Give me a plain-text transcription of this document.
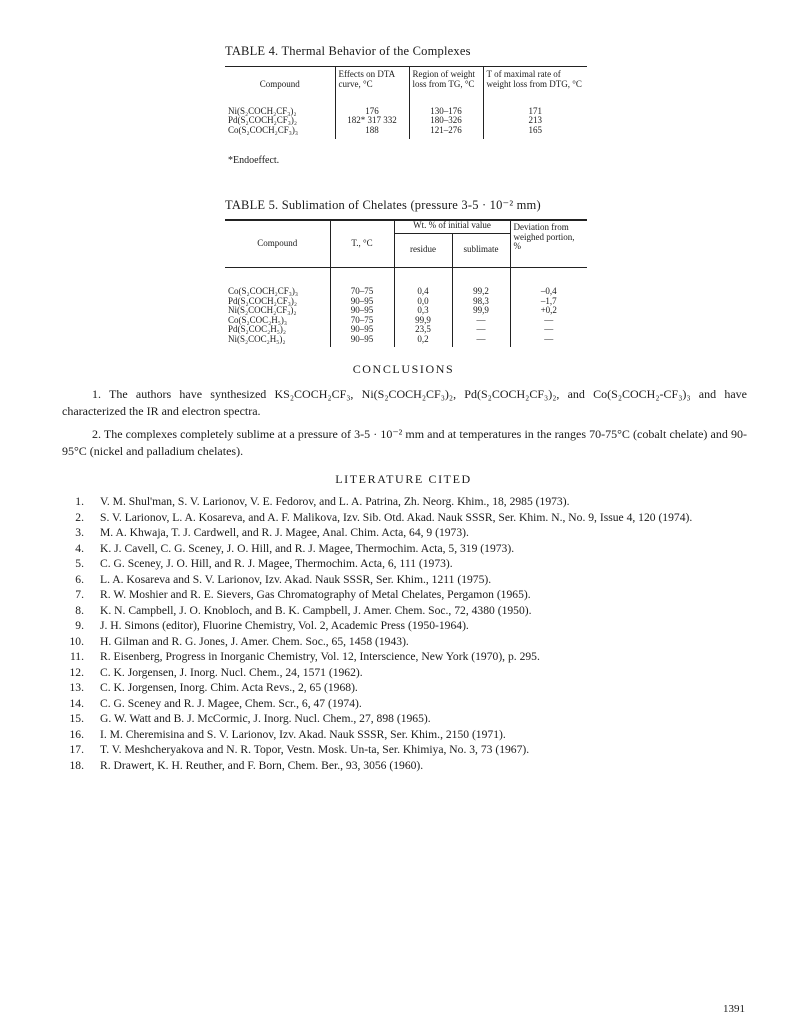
TABLE 4. Thermal Behavior of the Complexes
Compound	Effects on DTA curve, °C	Region of weight loss from TG, °C	T of maximal rate of weight loss from DTG, °C

Ni(S₂COCH₂CF₃)₂	176	130–176	171
Pd(S₂COCH₂CF₃)₂	182* 317 332	180–326	213
Co(S₂COCH₂CF₃)₃	188	121–276	165

*Endoeffect.
TABLE 5. Sublimation of Chelates (pressure 3-5 · 10⁻² mm)
Compound	T., °C	Wt. % of initial value		Deviation from weighed portion, %
		residue	sublimate	

Co(S₂COCH₂CF₃)₃	70–75	0,4	99,2	–0,4
Pd(S₂COCH₂CF₃)₂	90–95	0,0	98,3	–1,7
Ni(S₂COCH₂CF₃)₂	90–95	0,3	99,9	+0,2
Co(S₂COC₂H₅)₃	70–75	99,9	—	—
Pd(S₂COC₂H₅)₂	90–95	23,5	—	—
Ni(S₂COC₂H₅)₂	90–95	0,2	—	—

CONCLUSIONS
1. The authors have synthesized KS₂COCH₂CF₃, Ni(S₂COCH₂CF₃)₂, Pd(S₂COCH₂CF₃)₂, and Co(S₂COCH₂-CF₃)₃ and have characterized the IR and electron spectra.
2. The complexes completely sublime at a pressure of 3-5 · 10⁻² mm and at temperatures in the ranges 70-75°C (cobalt chelate) and 90-95°C (nickel and palladium chelates).
LITERATURE CITED
1. V. M. Shul'man, S. V. Larionov, V. E. Fedorov, and L. A. Patrina, Zh. Neorg. Khim., 18, 2985 (1973).
2. S. V. Larionov, L. A. Kosareva, and A. F. Malikova, Izv. Sib. Otd. Akad. Nauk SSSR, Ser. Khim. N., No. 9, Issue 4, 120 (1974).
3. M. A. Khwaja, T. J. Cardwell, and R. J. Magee, Anal. Chim. Acta, 64, 9 (1973).
4. K. J. Cavell, C. G. Sceney, J. O. Hill, and R. J. Magee, Thermochim. Acta, 5, 319 (1973).
5. C. G. Sceney, J. O. Hill, and R. J. Magee, Thermochim. Acta, 6, 111 (1973).
6. L. A. Kosareva and S. V. Larionov, Izv. Akad. Nauk SSSR, Ser. Khim., 1211 (1975).
7. R. W. Moshier and R. E. Sievers, Gas Chromatography of Metal Chelates, Pergamon (1965).
8. K. N. Campbell, J. O. Knobloch, and B. K. Campbell, J. Amer. Chem. Soc., 72, 4380 (1950).
9. J. H. Simons (editor), Fluorine Chemistry, Vol. 2, Academic Press (1950-1964).
10. H. Gilman and R. G. Jones, J. Amer. Chem. Soc., 65, 1458 (1943).
11. R. Eisenberg, Progress in Inorganic Chemistry, Vol. 12, Interscience, New York (1970), p. 295.
12. C. K. Jorgensen, J. Inorg. Nucl. Chem., 24, 1571 (1962).
13. C. K. Jorgensen, Inorg. Chim. Acta Revs., 2, 65 (1968).
14. C. G. Sceney and R. J. Magee, Chem. Scr., 6, 47 (1974).
15. G. W. Watt and B. J. McCormic, J. Inorg. Nucl. Chem., 27, 898 (1965).
16. I. M. Cheremisina and S. V. Larionov, Izv. Akad. Nauk SSSR, Ser. Khim., 2150 (1971).
17. T. V. Meshcheryakova and N. R. Topor, Vestn. Mosk. Un-ta, Ser. Khimiya, No. 3, 73 (1967).
18. R. Drawert, K. H. Reuther, and F. Born, Chem. Ber., 93, 3056 (1960).
1391
